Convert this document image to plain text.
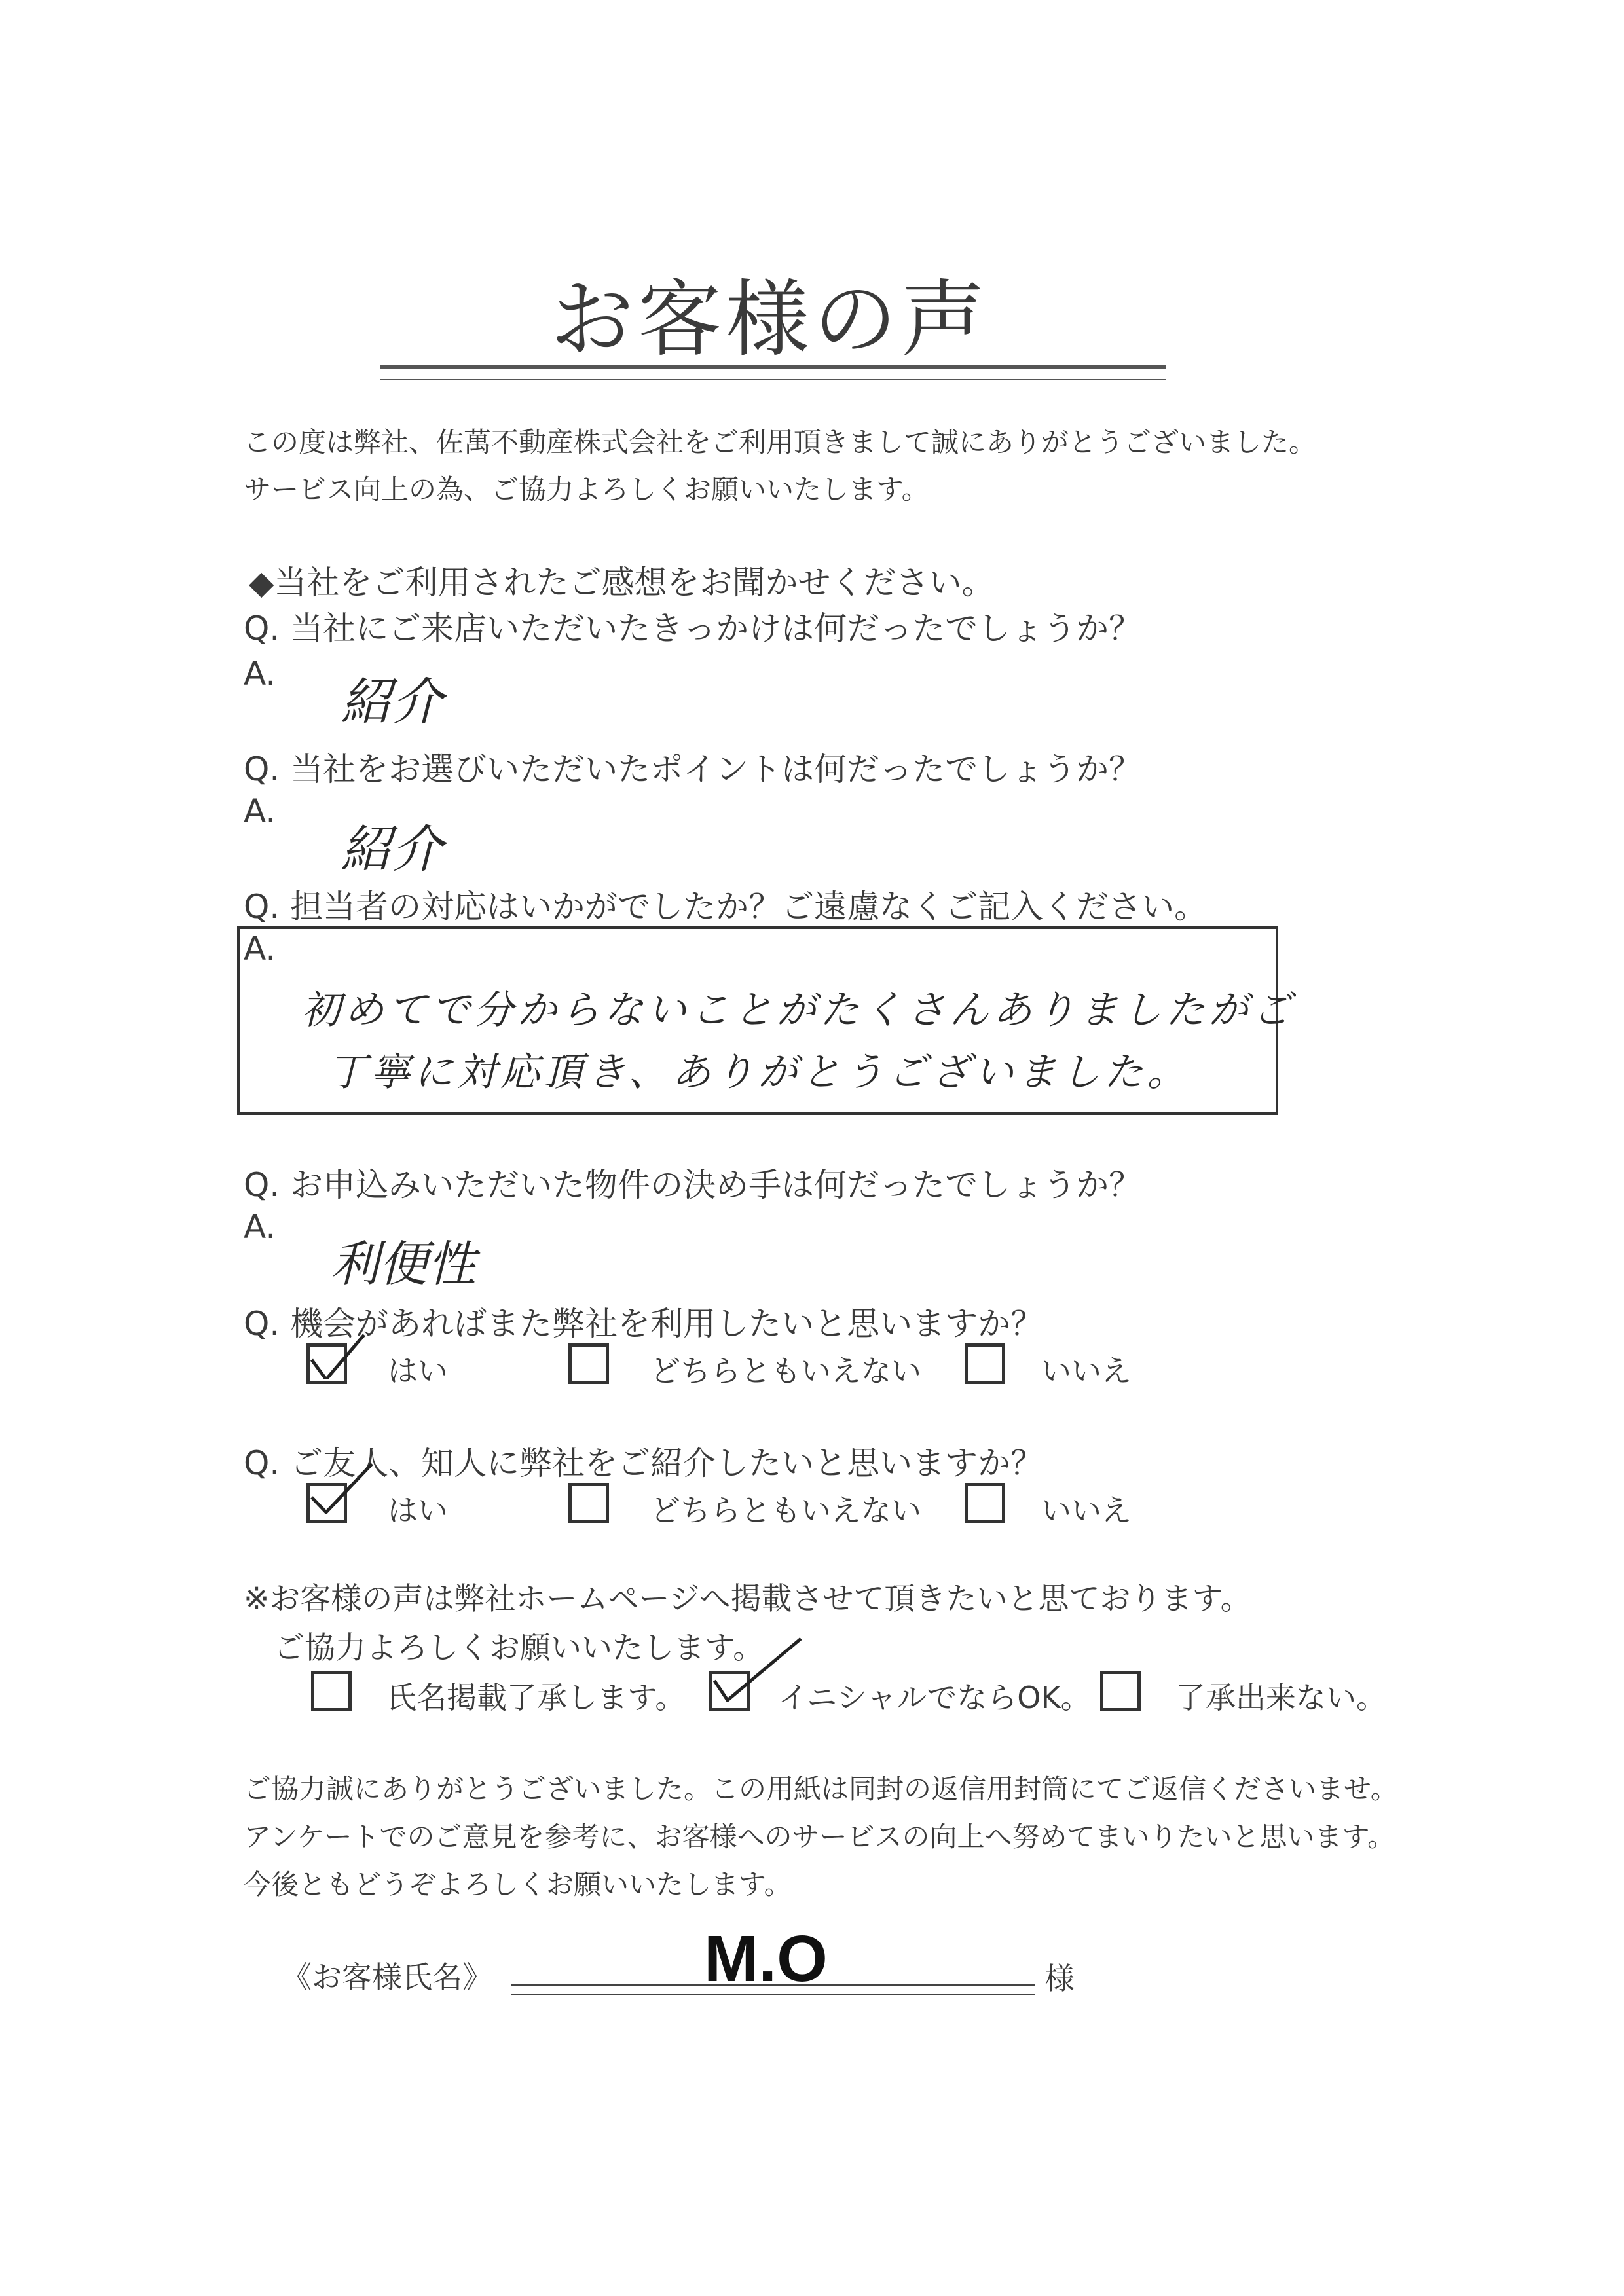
お客様の声
この度は弊社、佐萬不動産株式会社をご利用頂きまして誠にありがとうございました。
サービス向上の為、ご協力よろしくお願いいたします。
◆当社をご利用されたご感想をお聞かせください。
Q. 当社にご来店いただいたきっかけは何だったでしょうか？
A. 紹介
Q. 当社をお選びいただいたポイントは何だったでしょうか？
A.
紹介
Q. 担当者の対応はいかがでしたか？ご遠慮なくご記入ください。
A.
初めてで分からないことがたくさんありましたがご
丁寧に対応頂き、ありがとうございました。
Q. お申込みいただいた物件の決め手は何だったでしょうか？
A.
利便性
Q. 機会があればまた弊社を利用したいと思いますか？
はい	どちらともいえない	いいえ
Q. ご友人、知人に弊社をご紹介したいと思いますか？
はい	どちらともいえない	いいえ
※お客様の声は弊社ホームページへ掲載させて頂きたいと思ております。
ご協力よろしくお願いいたします。
氏名掲載了承します。	イニシャルでならOK。	了承出来ない。
ご協力誠にありがとうございました。この用紙は同封の返信用封筒にてご返信くださいませ。
アンケートでのご意見を参考に、お客様へのサービスの向上へ努めてまいりたいと思います。
今後ともどうぞよろしくお願いいたします。
《お客様氏名》	M.O	様
